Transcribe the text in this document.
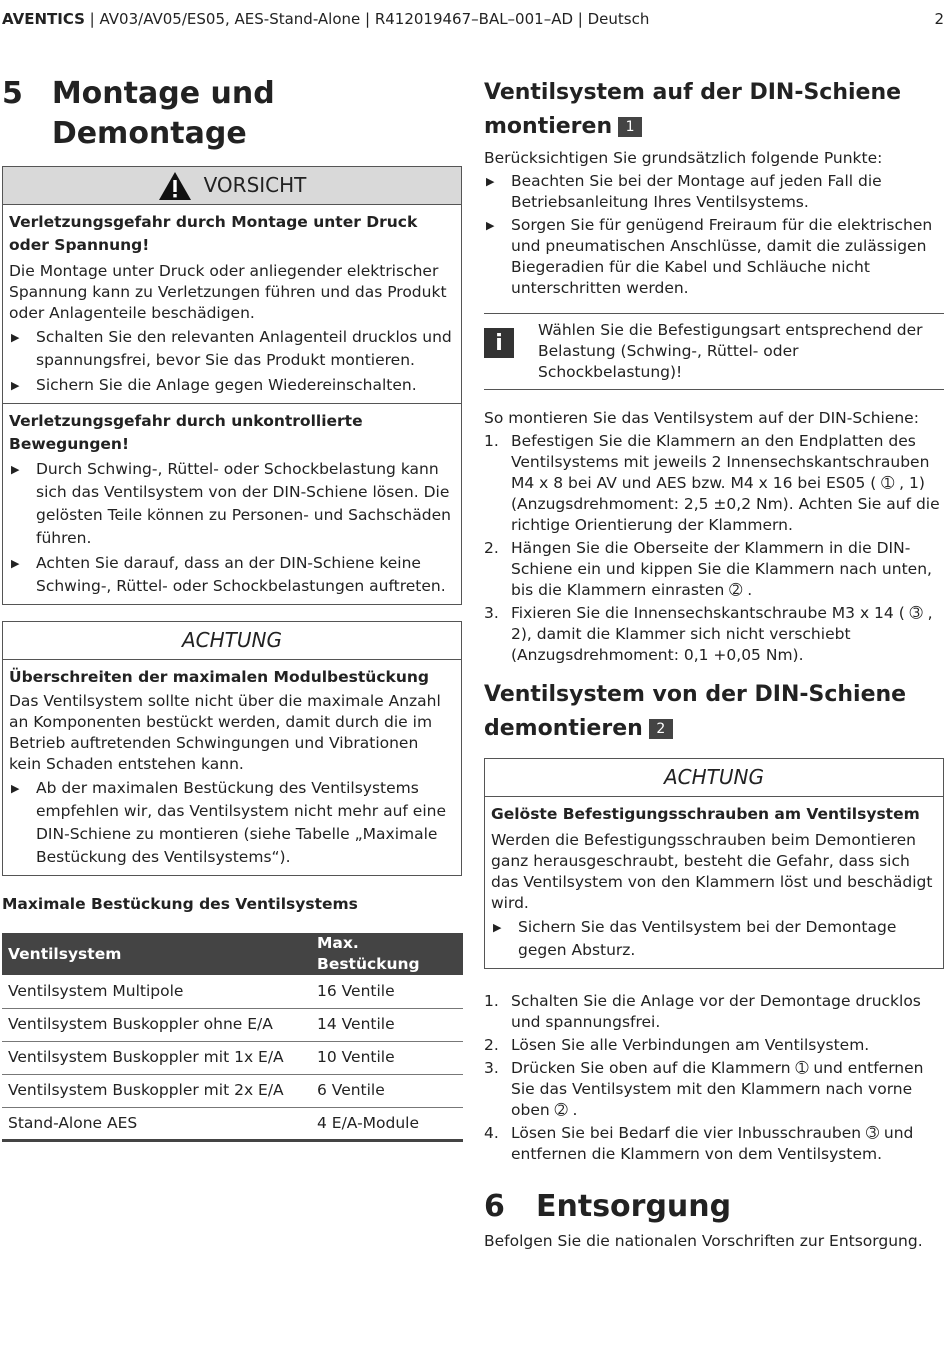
AVENTICS | AV03/AV05/ES05, AES-Stand-Alone | R412019467–BAL–001–AD | Deutsch	2
5 Montage und Demontage
VORSICHT
Verletzungsgefahr durch Montage unter Druck oder Spannung!

Die Montage unter Druck oder anliegender elektrischer Spannung kann zu Verletzungen führen und das Produkt oder Anlagenteile beschädigen.

▶ Schalten Sie den relevanten Anlagenteil drucklos und spannungsfrei, bevor Sie das Produkt montieren.
▶ Sichern Sie die Anlage gegen Wiedereinschalten.
Verletzungsgefahr durch unkontrollierte Bewegungen!
▶ Durch Schwing-, Rüttel- oder Schockbelastung kann sich das Ventilsystem von der DIN-Schiene lösen. Die gelösten Teile können zu Personen- und Sachschäden führen.
▶ Achten Sie darauf, dass an der DIN-Schiene keine Schwing-, Rüttel- oder Schockbelastungen auftreten.
ACHTUNG
Überschreiten der maximalen Modulbestückung

Das Ventilsystem sollte nicht über die maximale Anzahl an Komponenten bestückt werden, damit durch die im Betrieb auftretenden Schwingungen und Vibrationen kein Schaden entstehen kann.

▶ Ab der maximalen Bestückung des Ventilsystems empfehlen wir, das Ventilsystem nicht mehr auf eine DIN-Schiene zu montieren (siehe Tabelle „Maximale Bestückung des Ventilsystems“).
Maximale Bestückung des Ventilsystems
Ventilsystem	Max. Bestückung
Ventilsystem Multipole	16 Ventile
Ventilsystem Buskoppler ohne E/A	14 Ventile
Ventilsystem Buskoppler mit 1x E/A	10 Ventile
Ventilsystem Buskoppler mit 2x E/A	6 Ventile
Stand-Alone AES	4 E/A-Module
Ventilsystem auf der DIN-Schiene
montieren 1

Berücksichtigen Sie grundsätzlich folgende Punkte:

▶ Beachten Sie bei der Montage auf jeden Fall die Betriebsanleitung Ihres Ventilsystems.
▶ Sorgen Sie für genügend Freiraum für die elektrischen und pneumatischen Anschlüsse, damit die zulässigen Biegeradien für die Kabel und Schläuche nicht unterschritten werden.
i

Wählen Sie die Befestigungsart entsprechend der Belastung (Schwing-, Rüttel- oder Schockbelastung)!

So montieren Sie das Ventilsystem auf der DIN-Schiene:

1. Befestigen Sie die Klammern an den Endplatten des Ventilsystems mit jeweils 2 Innensechskantschrauben M4 x 8 bei AV und AES bzw. M4 x 16 bei ES05 ( ➀ , 1) (Anzugsdrehmoment: 2,5 ±0,2 Nm). Achten Sie auf die richtige Orientierung der Klammern.
2. Hängen Sie die Oberseite der Klammern in die DIN-Schiene ein und kippen Sie die Klammern nach unten, bis die Klammern einrasten ➁ .
3. Fixieren Sie die Innensechskantschraube M3 x 14 ( ➂ , 2), damit die Klammer sich nicht verschiebt (Anzugsdrehmoment: 0,1 +0,05 Nm).
Ventilsystem von der DIN-Schiene
demontieren 2
ACHTUNG
Gelöste Befestigungsschrauben am Ventilsystem

Werden die Befestigungsschrauben beim Demontieren ganz herausgeschraubt, besteht die Gefahr, dass sich das Ventilsystem von den Klammern löst und beschädigt wird.

▶ Sichern Sie das Ventilsystem bei der Demontage gegen Absturz.
1. Schalten Sie die Anlage vor der Demontage drucklos und spannungsfrei.
2. Lösen Sie alle Verbindungen am Ventilsystem.
3. Drücken Sie oben auf die Klammern ➀ und entfernen Sie das Ventilsystem mit den Klammern nach vorne oben ➁ .
4. Lösen Sie bei Bedarf die vier Inbusschrauben ➂ und entfernen die Klammern von dem Ventilsystem.
6	Entsorgung

Befolgen Sie die nationalen Vorschriften zur Entsorgung.
